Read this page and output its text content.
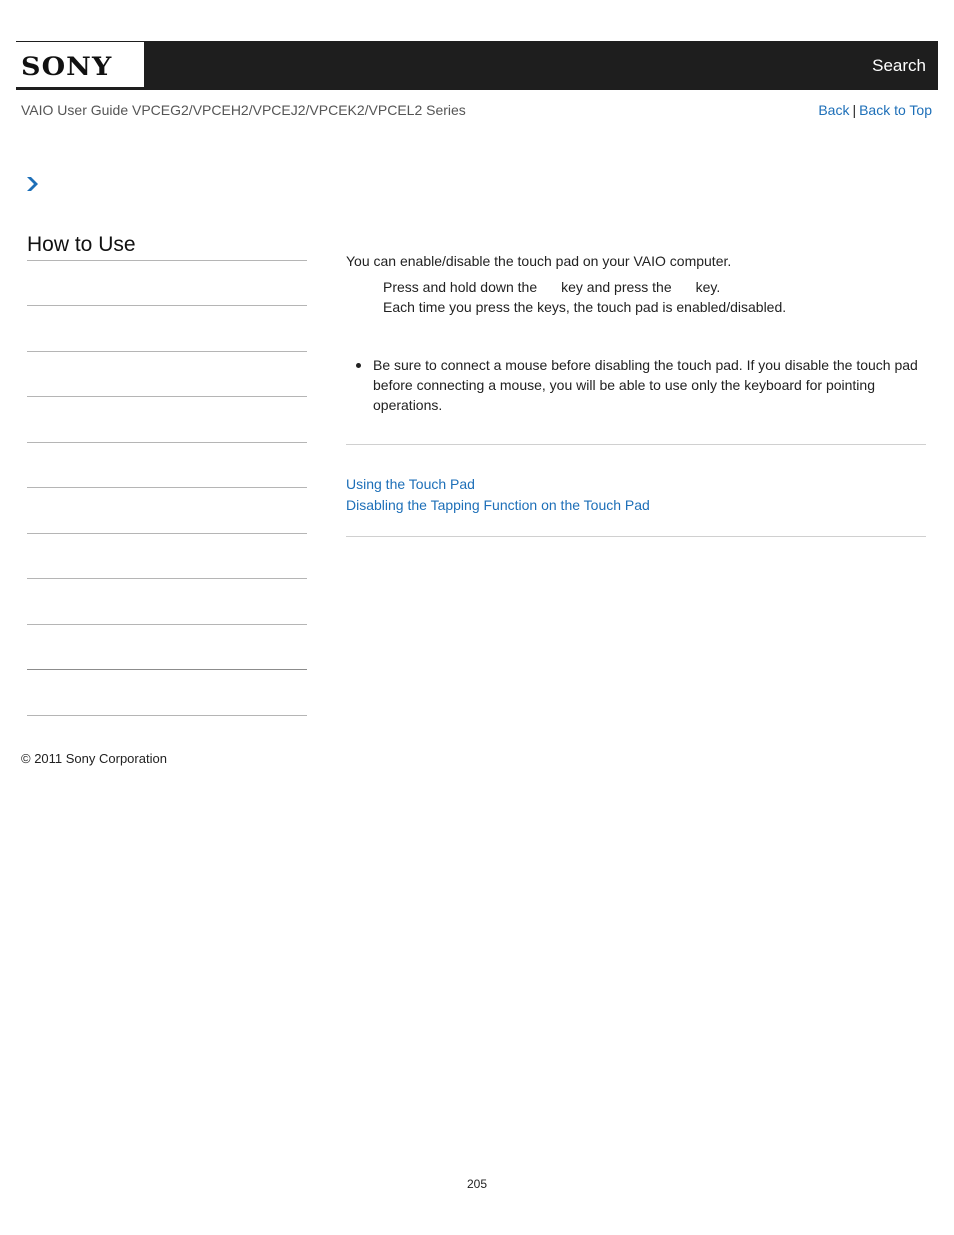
SONY	Search
VAIO User Guide VPCEG2/VPCEH2/VPCEJ2/VPCEK2/VPCEL2 Series	Back | Back to Top
How to Use
You can enable/disable the touch pad on your VAIO computer.
Press and hold down the key and press the key.
Each time you press the keys, the touch pad is enabled/disabled.
Be sure to connect a mouse before disabling the touch pad. If you disable the touch pad before connecting a mouse, you will be able to use only the keyboard for pointing operations.
Using the Touch Pad
Disabling the Tapping Function on the Touch Pad
© 2011 Sony Corporation
205
